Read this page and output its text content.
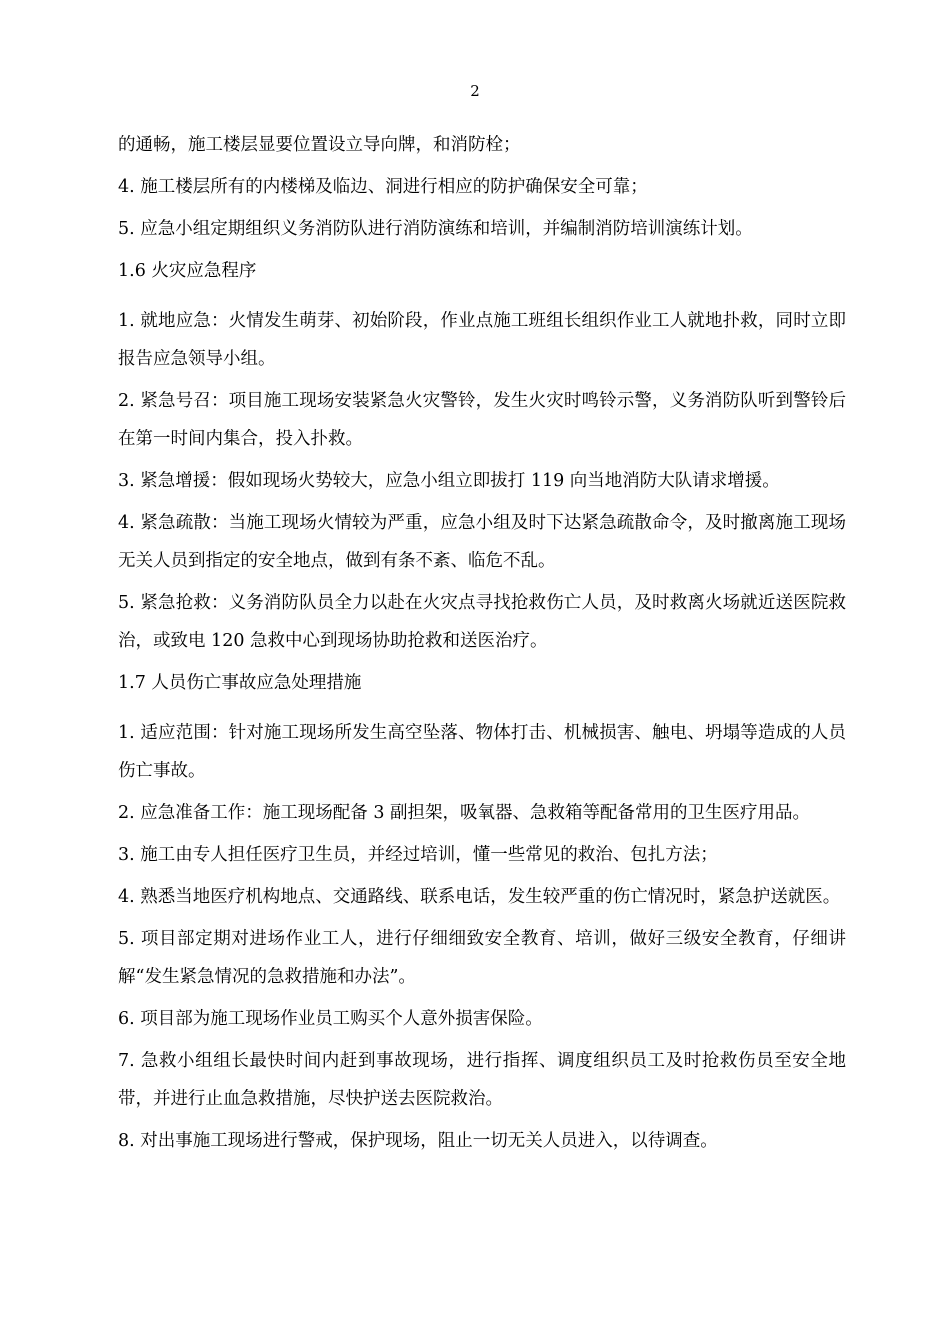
2

的通畅，施工楼层显要位置设立导向牌，和消防栓；

4. 施工楼层所有的内楼梯及临边、洞进行相应的防护确保安全可靠；

5. 应急小组定期组织义务消防队进行消防演练和培训，并编制消防培训演练计划。

1.6 火灾应急程序

1. 就地应急：火情发生萌芽、初始阶段，作业点施工班组长组织作业工人就地扑救，同时立即报告应急领导小组。

2. 紧急号召：项目施工现场安装紧急火灾警铃，发生火灾时鸣铃示警，义务消防队听到警铃后在第一时间内集合，投入扑救。

3. 紧急增援：假如现场火势较大，应急小组立即拔打 119 向当地消防大队请求增援。

4. 紧急疏散：当施工现场火情较为严重，应急小组及时下达紧急疏散命令，及时撤离施工现场无关人员到指定的安全地点，做到有条不紊、临危不乱。

5. 紧急抢救：义务消防队员全力以赴在火灾点寻找抢救伤亡人员，及时救离火场就近送医院救治，或致电 120 急救中心到现场协助抢救和送医治疗。

1.7 人员伤亡事故应急处理措施

1. 适应范围：针对施工现场所发生高空坠落、物体打击、机械损害、触电、坍塌等造成的人员伤亡事故。

2. 应急准备工作：施工现场配备 3 副担架，吸氧器、急救箱等配备常用的卫生医疗用品。

3. 施工由专人担任医疗卫生员，并经过培训，懂一些常见的救治、包扎方法；

4. 熟悉当地医疗机构地点、交通路线、联系电话，发生较严重的伤亡情况时，紧急护送就医。

5. 项目部定期对进场作业工人，进行仔细细致安全教育、培训，做好三级安全教育，仔细讲解“发生紧急情况的急救措施和办法”。

6. 项目部为施工现场作业员工购买个人意外损害保险。

7. 急救小组组长最快时间内赶到事故现场，进行指挥、调度组织员工及时抢救伤员至安全地带，并进行止血急救措施，尽快护送去医院救治。

8. 对出事施工现场进行警戒，保护现场，阻止一切无关人员进入，以待调查。
